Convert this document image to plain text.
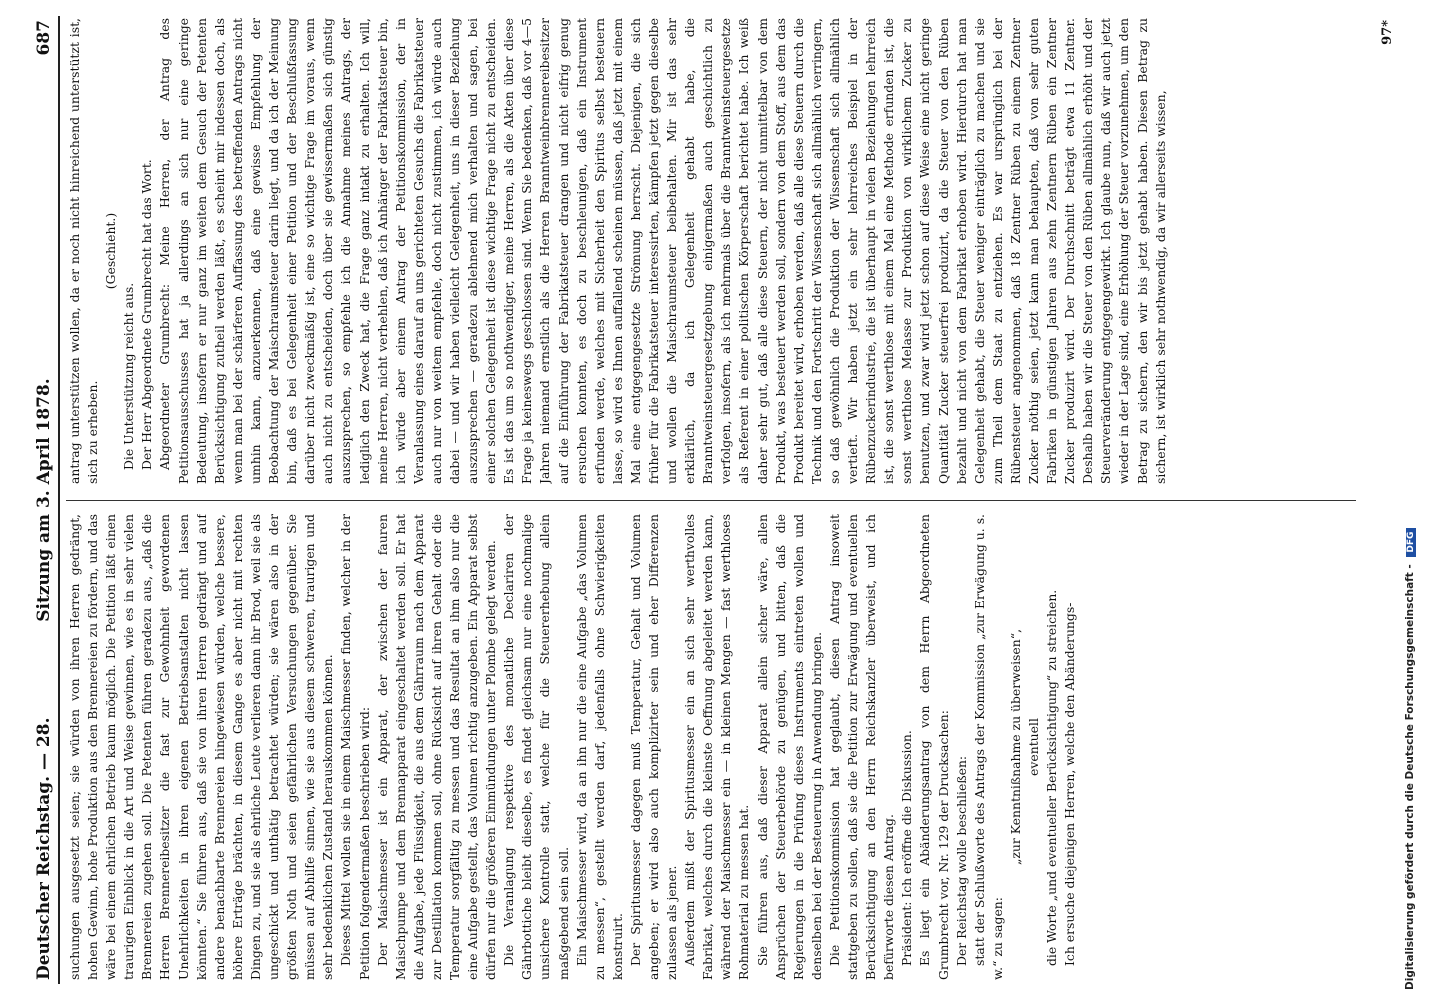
Deutscher Reichstag. — 28.
Sitzung am 3. April 1878.
687

suchungen ausgesetzt seien; sie würden von ihren Herren gedrängt, hohen Gewinn, hohe Produktion aus den Brennereien zu fördern, und das wäre bei einem ehrlichen Betrieb kaum möglich. Die Petition läßt einen traurigen Einblick in die Art und Weise gewinnen, wie es in sehr vielen Brennereien zugehen soll. Die Petenten führen geradezu aus, „daß die Herren Brennereibesitzer die fast zur Gewohnheit gewordenen Unehrlichkeiten in ihren eigenen Betriebsanstalten nicht lassen könnten.“ Sie führen aus, daß sie von ihren Herren gedrängt und auf andere benachbarte Brennereien hingewiesen würden, welche bessere, höhere Erträge brächten, in diesem Gange es aber nicht mit rechten Dingen zu, und sie als ehrliche Leute verlieren dann ihr Brod, weil sie als ungeschickt und unthätig betrachtet würden; sie wären also in der größten Noth und seien gefährlichen Versuchungen gegenüber. Sie müssen auf Abhilfe sinnen, wie sie aus diesem schweren, traurigen und sehr bedenklichen Zustand herauskommen können. Dieses Mittel wollen sie in einem Maischmesser finden, welcher in der Petition folgendermaßen beschrieben wird: Der Maischmesser ist ein Apparat, der zwischen der fauren Maischpumpe und dem Brennapparat eingeschaltet werden soll. Er hat die Aufgabe, jede Flüssigkeit, die aus dem Gährraum nach dem Apparat zur Destillation kommen soll, ohne Rücksicht auf ihren Gehalt oder die Temperatur sorgfältig zu messen und das Resultat an ihm also nur die eine Aufgabe gestellt, das Volumen richtig anzugeben. Ein Apparat selbst dürfen nur die größeren Einmündungen unter Plombe gelegt werden. Die Veranlagung respektive des monatliche Declariren der Gährbottiche bleibt dieselbe, es findet gleichsam nur eine nochmalige unsichere Kontrolle statt, welche für die Steuererhebung allein maßgebend sein soll. Ein Maischmesser wird, da an ihn nur die eine Aufgabe „das Volumen zu messen“, gestellt werden darf, jedenfalls ohne Schwierigkeiten konstruirt. Der Spiritusmesser dagegen muß Temperatur, Gehalt und Volumen angeben; er wird also auch komplizirter sein und eher Differenzen zulassen als jener. Außerdem mißt der Spiritusmesser ein an sich sehr werthvolles Fabrikat, welches durch die kleinste Oeffnung abgeleitet werden kann, während der Maischmesser ein — in kleinen Mengen — fast werthloses Rohmaterial zu messen hat. Sie führen aus, daß dieser Apparat allein sicher wäre, allen Ansprüchen der Steuerbehörde zu genügen, und bitten, daß die Regierungen in die Prüfung dieses Instruments eintreten wollen und denselben bei der Besteuerung in Anwendung bringen. Die Petitionskommission hat geglaubt, diesen Antrag insoweit stattgeben zu sollen, daß sie die Petition zur Erwägung und eventuellen Berücksichtigung an den Herrn Reichskanzler überweist, und ich befürworte diesen Antrag. Präsident: Ich eröffne die Diskussion. Es liegt ein Abänderungsantrag von dem Herrn Abgeordneten Grumbrecht vor, Nr. 129 der Drucksachen: Der Reichstag wolle beschließen: statt der Schlußworte des Antrags der Kommission „zur Erwägung u. s. w.“ zu sagen:

„zur Kenntnißnahme zu überweisen“, eventuell die Worte „und eventueller Berücksichtigung“ zu streichen. Ich ersuche diejenigen Herren, welche den Abänderungs-

antrag unterstützen wollen, da er noch nicht hinreichend unterstützt ist, sich zu erheben.

(Geschieht.)

Die Unterstützung reicht aus. Der Herr Abgeordnete Grumbrecht hat das Wort. Abgeordneter Grumbrecht: Meine Herren, der Antrag des Petitionsausschusses hat ja allerdings an sich nur eine geringe Bedeutung, insofern er nur ganz im weiten dem Gesuch der Petenten Berücksichtigung zutheil werden läßt, es scheint mir indessen doch, als wenn man bei der schärferen Auffassung des betreffenden Antrags nicht umhin kann, anzuerkennen, daß eine gewisse Empfehlung der Beobachtung der Maischraumsteuer darin liegt, und da ich der Meinung bin, daß es bei Gelegenheit einer Petition und der Beschlußfassung darüber nicht zweckmäßig ist, eine so wichtige Frage im voraus, wenn auch nicht zu entscheiden, doch über sie gewissermaßen sich günstig auszusprechen, so empfehle ich die Annahme meines Antrags, der lediglich den Zweck hat, die Frage ganz intakt zu erhalten. Ich will, meine Herren, nicht verhehlen, daß ich Anhänger der Fabrikatsteuer bin, ich würde aber einem Antrag der Petitionskommission, der in Veranlassung eines darauf an uns gerichteten Gesuchs die Fabrikatsteuer auch nur von weitem empfehle, doch nicht zustimmen, ich würde auch dabei — und wir haben vielleicht Gelegenheit, uns in dieser Beziehung auszusprechen — geradezu ablehnend mich verhalten und sagen, bei einer solchen Gelegenheit ist diese wichtige Frage nicht zu entscheiden. Es ist das um so nothwendiger, meine Herren, als die Akten über diese Frage ja keineswegs geschlossen sind. Wenn Sie bedenken, daß vor 4—5 Jahren niemand ernstlich als die Herren Branntweinbrennereibesitzer auf die Einführung der Fabrikatsteuer drangen und nicht eifrig genug ersuchen konnten, es doch zu beschleunigen, daß ein Instrument erfunden werde, welches mit Sicherheit den Spiritus selbst besteuern lasse, so wird es Ihnen auffallend scheinen müssen, daß jetzt mit einem Mal eine entgegengesetzte Strömung herrscht. Diejenigen, die sich früher für die Fabrikatsteuer interessirten, kämpfen jetzt gegen dieselbe und wollen die Maischraumsteuer beibehalten. Mir ist das sehr erklärlich, da ich Gelegenheit gehabt habe, die Branntweinsteuergesetzgebung einigermaßen auch geschichtlich zu verfolgen, insofern, als ich mehrmals über die Branntweinsteuergesetze als Referent in einer politischen Körperschaft berichtet habe. Ich weiß daher sehr gut, daß alle diese Steuern, der nicht unmittelbar von dem Produkt, was besteuert werden soll, sondern von dem Stoff, aus dem das Produkt bereitet wird, erhoben werden, daß alle diese Steuern durch die Technik und den Fortschritt der Wissenschaft sich allmählich verringern, so daß gewöhnlich die Produktion der Wissenschaft sich allmählich vertieft. Wir haben jetzt ein sehr lehrreiches Beispiel in der Rübenzuckerindustrie, die ist überhaupt in vielen Beziehungen lehrreich ist, die sonst werthlose mit einem Mal eine Methode erfunden ist, die sonst werthlose Melasse zur Produktion von wirklichem Zucker zu benutzen, und zwar wird jetzt schon auf diese Weise eine nicht geringe Quantität Zucker steuerfrei produzirt, da die Steuer von den Rüben bezahlt und nicht von dem Fabrikat erhoben wird. Hierdurch hat man Gelegenheit gehabt, die Steuer weniger einträglich zu machen und sie zum Theil dem Staat zu entziehen. Es war ursprünglich bei der Rübensteuer angenommen, daß 18 Zentner Rüben zu einem Zentner Zucker nöthig seien, jetzt kann man behaupten, daß von sehr guten Fabriken in günstigen Jahren aus zehn Zentnern Rüben ein Zentner Zucker produzirt wird. Der Durchschnitt beträgt etwa 11 Zentner. Deshalb haben wir die Steuer von den Rüben allmählich erhöht und der Steuerveränderung entgegengewirkt. Ich glaube nun, daß wir auch jetzt wieder in der Lage sind, eine Erhöhung der Steuer vorzunehmen, um den Betrag zu sichern, den wir bis jetzt gehabt haben. Diesen Betrag zu sichern, ist wirklich sehr nothwendig, da wir allerseits wissen,

97*
Digitalisierung gefördert durch die Deutsche Forschungsgemeinschaft - DFG
